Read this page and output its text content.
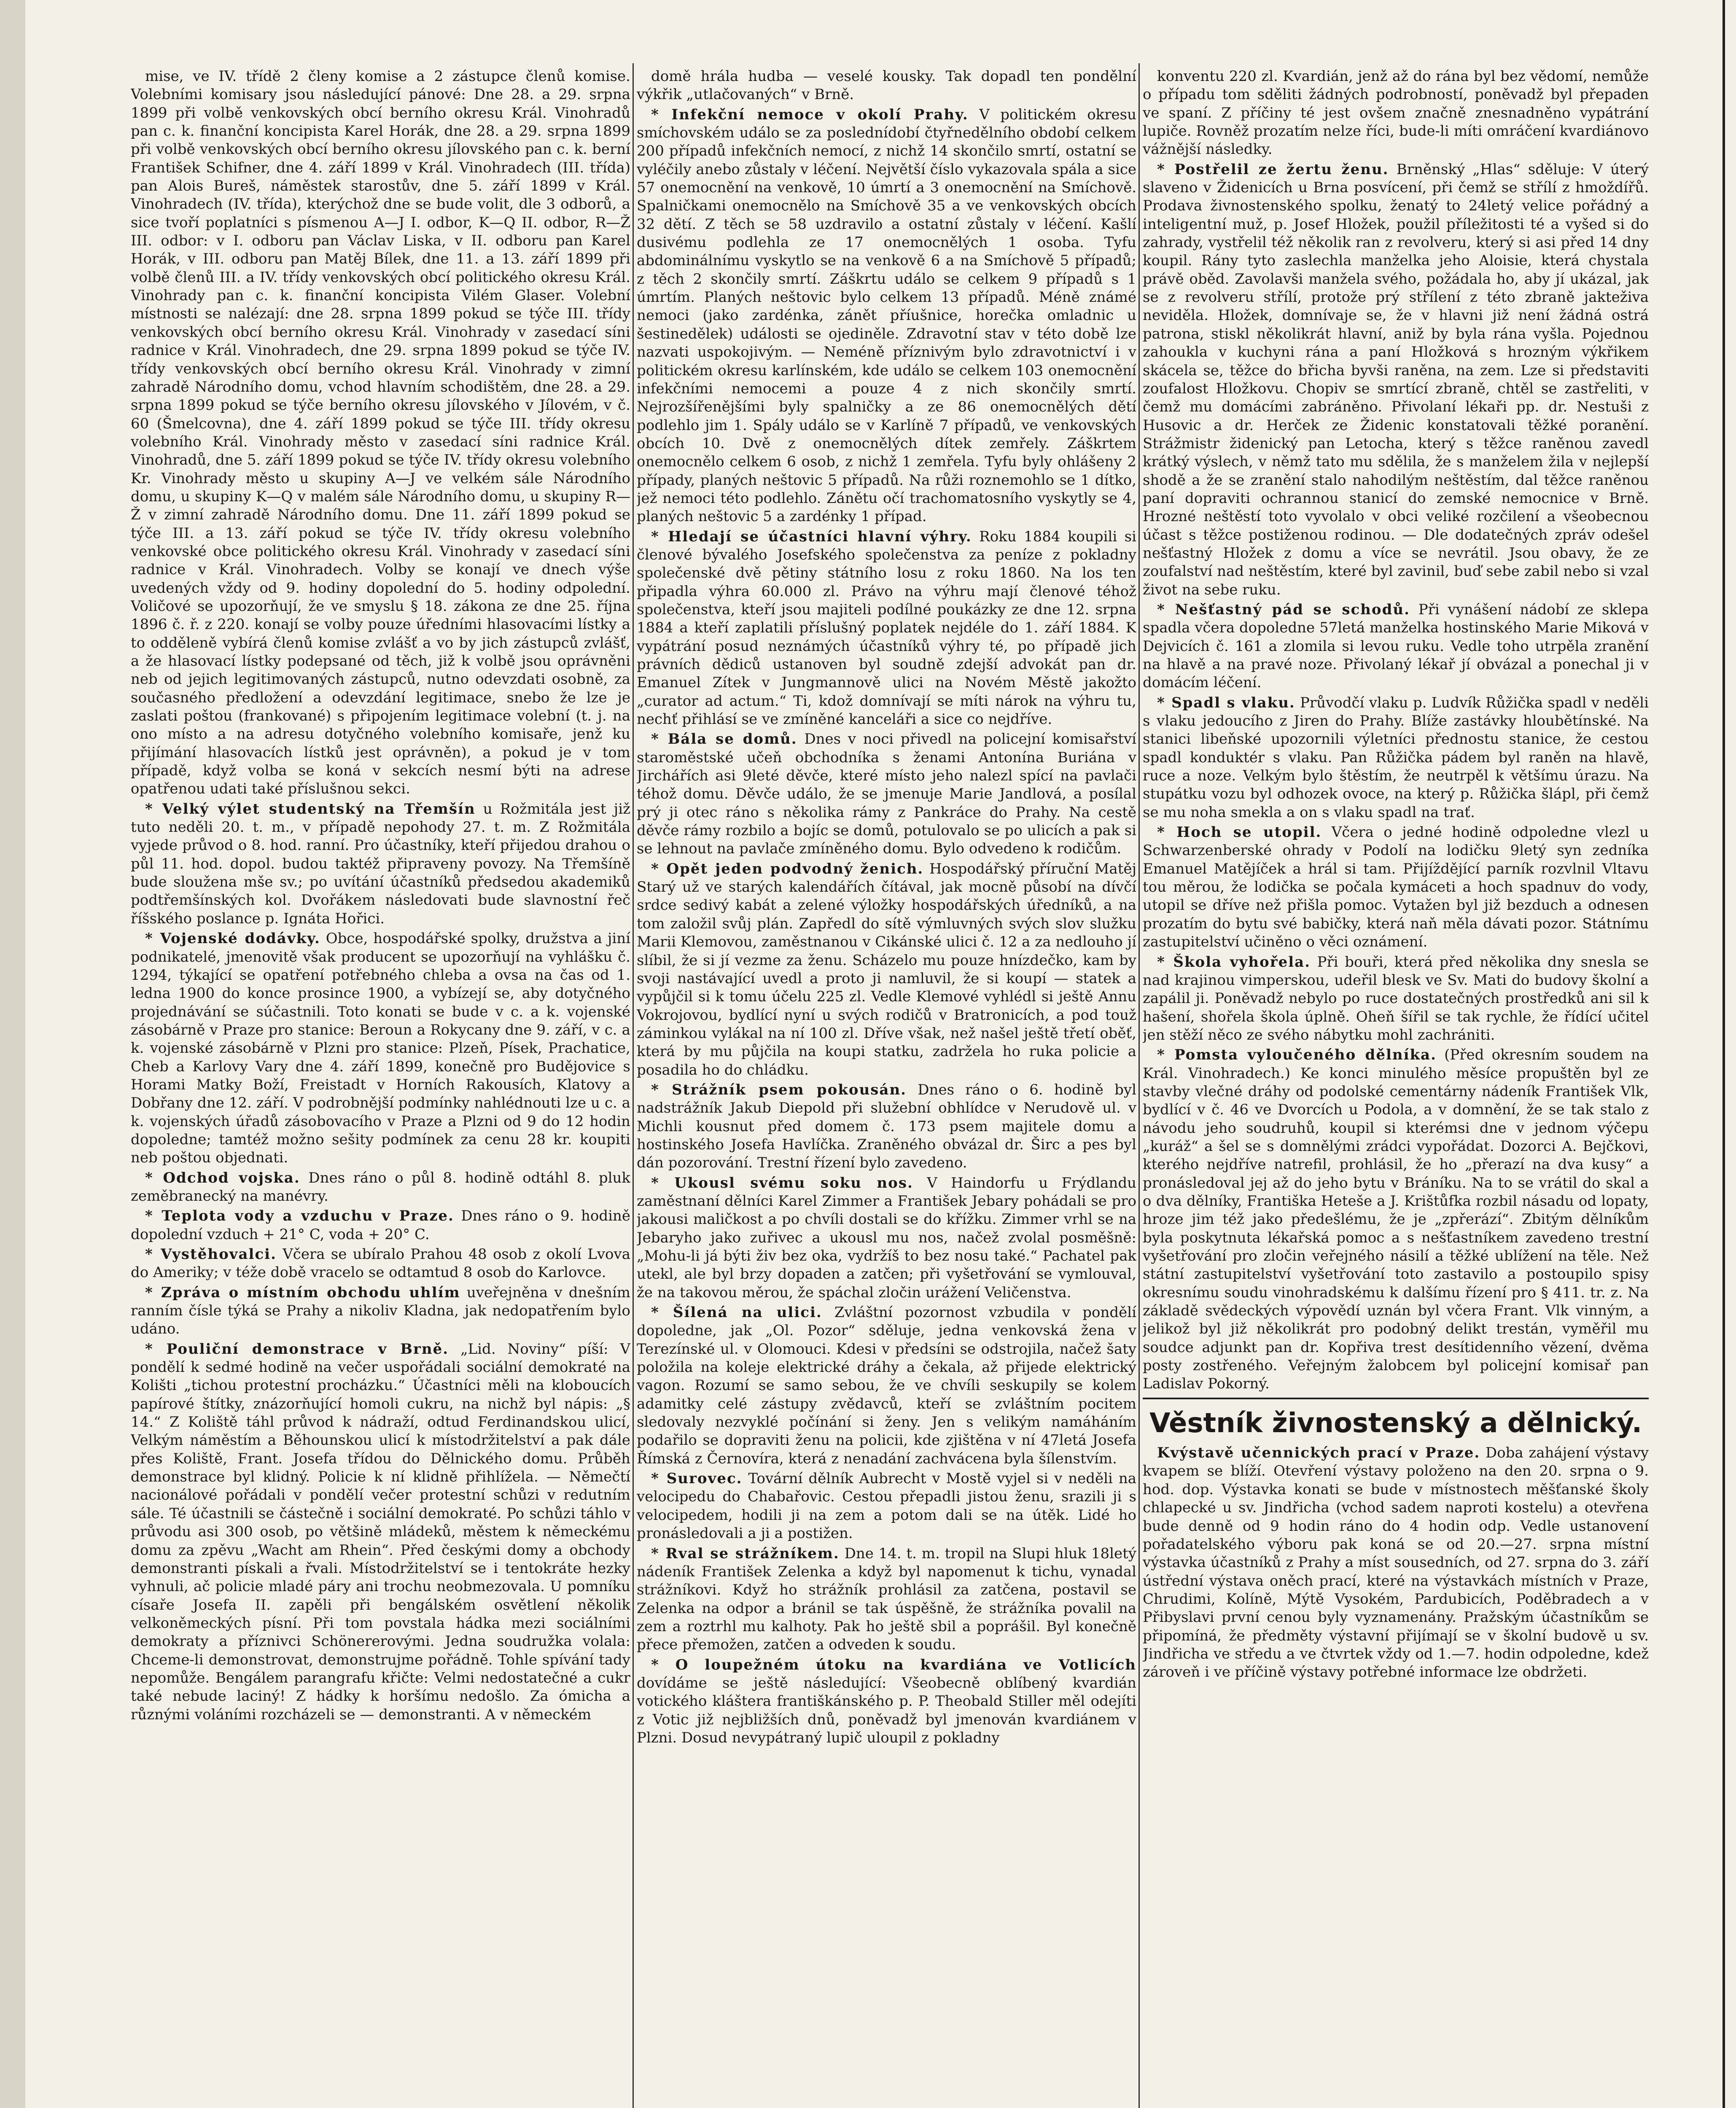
mise, ve IV. třídě 2 členy komise a 2 zástupce členů komise. Volebními komisary jsou následující pánové: Dne 28. a 29. srpna 1899 při volbě venkovských obcí berního okresu Král. Vinohradů pan c. k. finanční koncipista Karel Horák, dne 28. a 29. srpna 1899 při volbě venkovských obcí berního okresu jílovského pan c. k. berní František Schifner, dne 4. září 1899 v Král. Vinohradech (III. třída) pan Alois Bureš, náměstek starostův, dne 5. září 1899 v Král. Vinohradech (IV. třída), kterýchož dne se bude volit, dle 3 odborů, a sice tvoří poplatníci s písmenou A—J I. odbor, K—Q II. odbor, R—Ž III. odbor: v I. odboru pan Václav Liska, v II. odboru pan Karel Horák, v III. odboru pan Matěj Bílek, dne 11. a 13. září 1899 při volbě členů III. a IV. třídy venkovských obcí politického okresu Král. Vinohrady pan c. k. finanční koncipista Vilém Glaser. Volební místnosti se nalézají: dne 28. srpna 1899 pokud se týče III. třídy venkovských obcí berního okresu Král. Vinohrady v zasedací síni radnice v Král. Vinohradech, dne 29. srpna 1899 pokud se týče IV. třídy venkovských obcí berního okresu Král. Vinohrady v zimní zahradě Národního domu, vchod hlavním schodištěm, dne 28. a 29. srpna 1899 pokud se týče berního okresu jílovského v Jílovém, v č. 60 (Šmelcovna), dne 4. září 1899 pokud se týče III. třídy okresu volebního Král. Vinohrady město v zasedací síni radnice Král. Vinohradů, dne 5. září 1899 pokud se týče IV. třídy okresu volebního Kr. Vinohrady město u skupiny A—J ve velkém sále Národního domu, u skupiny K—Q v malém sále Národního domu, u skupiny R—Ž v zimní zahradě Národního domu. Dne 11. září 1899 pokud se týče III. a 13. září pokud se týče IV. třídy okresu volebního venkovské obce politického okresu Král. Vinohrady v zasedací síni radnice v Král. Vinohradech. Volby se konají ve dnech výše uvedených vždy od 9. hodiny dopolední do 5. hodiny odpolední. Voličové se upozorňují, že ve smyslu § 18. zákona ze dne 25. října 1896 č. ř. z 220. konají se volby pouze úředními hlasovacími lístky a to odděleně vybírá členů komise zvlášť a vo by jich zástupců zvlášť, a že hlasovací lístky podepsané od těch, již k volbě jsou oprávněni neb od jejich legitimovaných zástupců, nutno odevzdati osobně, za současného předložení a odevzdání legitimace, snebo že lze je zaslati poštou (frankované) s připojením legitimace volební (t. j. na ono místo a na adresu dotyčného volebního komisaře, jenž ku přijímání hlasovacích lístků jest oprávněn), a pokud je v tom případě, když volba se koná v sekcích nesmí býti na adrese opatřenou udati také příslušnou sekci.

* Velký výlet studentský na Třemšín u Rožmitála jest již tuto neděli 20. t. m., v případě nepohody 27. t. m. Z Rožmitála vyjede průvod o 8. hod. ranní. Pro účastníky, kteří přijedou drahou o půl 11. hod. dopol. budou taktéž připraveny povozy. Na Třemšíně bude sloužena mše sv.; po uvítání účastníků předsedou akademiků podtřemšínských kol. Dvořákem následovati bude slavnostní řeč říšského poslance p. Ignáta Hořici.

* Vojenské dodávky. Obce, hospodářské spolky, družstva a jiní podnikatelé, jmenovitě však producent se upozorňují na vyhlášku č. 1294, týkající se opatření potřebného chleba a ovsa na čas od 1. ledna 1900 do konce prosince 1900, a vybízejí se, aby dotyčného projednávání se súčastnili. Toto konati se bude v c. a k. vojenské zásobárně v Praze pro stanice: Beroun a Rokycany dne 9. září, v c. a k. vojenské zásobárně v Plzni pro stanice: Plzeň, Písek, Prachatice, Cheb a Karlovy Vary dne 4. září 1899, konečně pro Budějovice s Horami Matky Boží, Freistadt v Horních Rakousích, Klatovy a Dobřany dne 12. září. V podrobnější podmínky nahlédnouti lze u c. a k. vojenských úřadů zásobovacího v Praze a Plzni od 9 do 12 hodin dopoledne; tamtéž možno sešity podmínek za cenu 28 kr. koupiti neb poštou objednati.

* Odchod vojska. Dnes ráno o půl 8. hodině odtáhl 8. pluk zeměbranecký na manévry.

* Teplota vody a vzduchu v Praze. Dnes ráno o 9. hodině dopolední vzduch + 21° C, voda + 20° C.

* Vystěhovalci. Včera se ubíralo Prahou 48 osob z okolí Lvova do Ameriky; v téže době vracelo se odtamtud 8 osob do Karlovce.

* Zpráva o místním obchodu uhlím uveřejněna v dnešním ranním čísle týká se Prahy a nikoliv Kladna, jak nedopatřením bylo udáno.

* Pouliční demonstrace v Brně. „Lid. Noviny“ píší: V pondělí k sedmé hodině na večer uspořádali sociální demokraté na Kolišti „tichou protestní procházku.“ Účastníci měli na kloboucích papírové štítky, znázorňující homoli cukru, na nichž byl nápis: „§ 14.“ Z Koliště táhl průvod k nádraží, odtud Ferdinandskou ulicí, Velkým náměstím a Běhounskou ulicí k místodržitelství a pak dále přes Koliště, Frant. Josefa třídou do Dělnického domu. Průběh demonstrace byl klidný. Policie k ní klidně přihlížela. — Němečtí nacionálové pořádali v pondělí večer protestní schůzi v redutním sále. Té účastnili se částečně i sociální demokraté. Po schůzi táhlo v průvodu asi 300 osob, po většině mládeků, městem k německému domu za zpěvu „Wacht am Rhein“. Před českými domy a obchody demonstranti pískali a řvali. Místodržitelství se i tentokráte hezky vyhnuli, ač policie mladé páry ani trochu neobmezovala. U pomníku císaře Josefa II. zapěli při bengálském osvětlení několik velkoněmeckých písní. Při tom povstala hádka mezi sociálními demokraty a příznivci Schönererovými. Jedna soudružka volala: Chceme-li demonstrovat, demonstrujme pořádně. Tohle spívání tady nepomůže. Bengálem parangrafu křičte: Velmi nedostatečné a cukr také nebude laciný! Z hádky k horšímu nedošlo. Za ómicha a různými voláními rozcházeli se — demonstranti. A v německém

domě hrála hudba — veselé kousky. Tak dopadl ten pondělní výkřik „utlačovaných“ v Brně.

* Infekční nemoce v okolí Prahy. V politickém okresu smíchovském událo se za poslednídobí čtyřnedělního období celkem 200 případů infekčních nemocí, z nichž 14 skončilo smrtí, ostatní se vyléčily anebo zůstaly v léčení. Největší číslo vykazovala spála a sice 57 onemocnění na venkově, 10 úmrtí a 3 onemocnění na Smíchově. Spalničkami onemocnělo na Smíchově 35 a ve venkovských obcích 32 dětí. Z těch se 58 uzdravilo a ostatní zůstaly v léčení. Kašlí dusivému podlehla ze 17 onemocnělých 1 osoba. Tyfu abdominálnímu vyskytlo se na venkově 6 a na Smíchově 5 případů; z těch 2 skončily smrtí. Záškrtu událo se celkem 9 případů s 1 úmrtím. Planých neštovic bylo celkem 13 případů. Méně známé nemoci (jako zardénka, zánět příušnice, horečka omladnic u šestinedělek) události se ojediněle. Zdravotní stav v této době lze nazvati uspokojivým. — Neméně příznivým bylo zdravotnictví i v politickém okresu karlínském, kde událo se celkem 103 onemocnění infekčními nemocemi a pouze 4 z nich skončily smrtí. Nejrozšířenějšími byly spalničky a ze 86 onemocnělých dětí podlehlo jim 1. Spály událo se v Karlíně 7 případů, ve venkovských obcích 10. Dvě z onemocnělých dítek zemřely. Záškrtem onemocnělo celkem 6 osob, z nichž 1 zemřela. Tyfu byly ohlášeny 2 případy, planých neštovic 5 případů. Na růži roznemohlo se 1 dítko, jež nemoci této podlehlo. Zánětu očí trachomatosního vyskytly se 4, planých neštovic 5 a zardénky 1 případ.

* Hledají se účastníci hlavní výhry. Roku 1884 koupili si členové bývalého Josefského společenstva za peníze z pokladny společenské dvě pětiny státního losu z roku 1860. Na los ten připadla výhra 60.000 zl. Právo na výhru mají členové téhož společenstva, kteří jsou majiteli podílné poukázky ze dne 12. srpna 1884 a kteří zaplatili příslušný poplatek nejdéle do 1. září 1884. K vypátrání posud neznámých účastníků výhry té, po případě jich právních dědiců ustanoven byl soudně zdejší advokát pan dr. Emanuel Zítek v Jungmannově ulici na Novém Městě jakožto „curator ad actum.“ Ti, kdož domnívají se míti nárok na výhru tu, nechť přihlásí se ve zmíněné kanceláři a sice co nejdříve.

* Bála se domů. Dnes v noci přivedl na policejní komisařství staroměstské učeň obchodníka s ženami Antonína Buriána v Jirchářích asi 9leté děvče, které místo jeho nalezl spící na pavlači téhož domu. Děvče událo, že se jmenuje Marie Jandlová, a posílal prý ji otec ráno s několika rámy z Pankráce do Prahy. Na cestě děvče rámy rozbilo a bojíc se domů, potulovalo se po ulicích a pak si se lehnout na pavlače zmíněného domu. Bylo odvedeno k rodičům.

* Opět jeden podvodný ženich. Hospodářský příruční Matěj Starý už ve starých kalendářích čítával, jak mocně působí na dívčí srdce sedivý kabát a zelené výložky hospodářských úředníků, a na tom založil svůj plán. Zapředl do sítě výmluvných svých slov služku Marii Klemovou, zaměstnanou v Cikánské ulici č. 12 a za nedlouho jí slíbil, že si jí vezme za ženu. Scházelo mu pouze hnízdečko, kam by svoji nastávající uvedl a proto ji namluvil, že si koupí — statek a vypůjčil si k tomu účelu 225 zl. Vedle Klemové vyhlédl si ještě Annu Vokrojovou, bydlící nyní u svých rodičů v Bratronicích, a pod touž záminkou vylákal na ní 100 zl. Dříve však, než našel ještě třetí oběť, která by mu půjčila na koupi statku, zadržela ho ruka policie a posadila ho do chládku.

* Strážník psem pokousán. Dnes ráno o 6. hodině byl nadstrážník Jakub Diepold při služební obhlídce v Nerudově ul. v Michli kousnut před domem č. 173 psem majitele domu a hostinského Josefa Havlíčka. Zraněného obvázal dr. Širc a pes byl dán pozorování. Trestní řízení bylo zavedeno.

* Ukousl svému soku nos. V Haindorfu u Frýdlandu zaměstnaní dělníci Karel Zimmer a František Jebary pohádali se pro jakousi maličkost a po chvíli dostali se do křížku. Zimmer vrhl se na Jebaryho jako zuřivec a ukousl mu nos, načež zvolal posměšně: „Mohu-li já býti živ bez oka, vydržíš to bez nosu také.“ Pachatel pak utekl, ale byl brzy dopaden a zatčen; při vyšetřování se vymlouval, že na takovou měrou, že spáchal zločin urážení Veličenstva.

* Šílená na ulici. Zvláštní pozornost vzbudila v pondělí dopoledne, jak „Ol. Pozor“ sděluje, jedna venkovská žena v Terezínské ul. v Olomouci. Kdesi v předsíni se odstrojila, načež šaty položila na koleje elektrické dráhy a čekala, až přijede elektrický vagon. Rozumí se samo sebou, že ve chvíli seskupily se kolem adamitky celé zástupy zvědavců, kteří se zvláštním pocitem sledovaly nezvyklé počínání si ženy. Jen s velikým namáháním podařilo se dopraviti ženu na policii, kde zjištěna v ní 47letá Josefa Římská z Černovíra, která z nenadání zachvácena byla šílenstvím.

* Surovec. Tovární dělník Aubrecht v Mostě vyjel si v neděli na velocipedu do Chabařovic. Cestou přepadli jistou ženu, srazili ji s velocipedem, hodili ji na zem a potom dali se na útěk. Lidé ho pronásledovali a ji a postižen.

* Rval se strážníkem. Dne 14. t. m. tropil na Slupi hluk 18letý nádeník František Zelenka a když byl napomenut k tichu, vynadal strážníkovi. Když ho strážník prohlásil za zatčena, postavil se Zelenka na odpor a bránil se tak úspěšně, že strážníka povalil na zem a roztrhl mu kalhoty. Pak ho ještě sbil a poprášil. Byl konečně přece přemožen, zatčen a odveden k soudu.

* O loupežném útoku na kvardiána ve Votlicích dovídáme se ještě následující: Všeobecně oblíbený kvardián votického kláštera františkánského p. P. Theobald Stiller měl odejíti z Votic již nejbližších dnů, poněvadž byl jmenován kvardiánem v Plzni. Dosud nevypátraný lupič uloupil z pokladny

konventu 220 zl. Kvardián, jenž až do rána byl bez vědomí, nemůže o případu tom sděliti žádných podrobností, poněvadž byl přepaden ve spaní. Z příčiny té jest ovšem značně znesnadněno vypátrání lupiče. Rovněž prozatím nelze říci, bude-li míti omráčení kvardiánovo vážnější následky.

* Postřelil ze žertu ženu. Brněnský „Hlas“ sděluje: V úterý slaveno v Židenicích u Brna posvícení, při čemž se střílí z hmoždířů. Prodava živnostenského spolku, ženatý to 24letý velice pořádný a inteligentní muž, p. Josef Hložek, použil příležitosti té a vyšed si do zahrady, vystřelil též několik ran z revolveru, který si asi před 14 dny koupil. Rány tyto zaslechla manželka jeho Aloisie, která chystala právě oběd. Zavolavši manžela svého, požádala ho, aby jí ukázal, jak se z revolveru střílí, protože prý střílení z této zbraně jakteživa neviděla. Hložek, domnívaje se, že v hlavni již není žádná ostrá patrona, stiskl několikrát hlavní, aniž by byla rána vyšla. Pojednou zahoukla v kuchyni rána a paní Hložková s hrozným výkřikem skácela se, těžce do břicha byvši raněna, na zem. Lze si představiti zoufalost Hložkovu. Chopiv se smrtící zbraně, chtěl se zastřeliti, v čemž mu domácími zabráněno. Přivolaní lékaři pp. dr. Nestuši z Husovic a dr. Herček ze Židenic konstatovali těžké poranění. Strážmistr židenický pan Letocha, který s těžce raněnou zavedl krátký výslech, v němž tato mu sdělila, že s manželem žila v nejlepší shodě a že se zranění stalo nahodilým neštěstím, dal těžce raněnou paní dopraviti ochrannou stanicí do zemské nemocnice v Brně. Hrozné neštěstí toto vyvolalo v obci veliké rozčilení a všeobecnou účast s těžce postiženou rodinou. — Dle dodatečných zpráv odešel nešťastný Hložek z domu a více se nevrátil. Jsou obavy, že ze zoufalství nad neštěstím, které byl zavinil, buď sebe zabil nebo si vzal život na sebe ruku.

* Nešťastný pád se schodů. Při vynášení nádobí ze sklepa spadla včera dopoledne 57letá manželka hostinského Marie Miková v Dejvicích č. 161 a zlomila si levou ruku. Vedle toho utrpěla zranění na hlavě a na pravé noze. Přivolaný lékař jí obvázal a ponechal ji v domácím léčení.

* Spadl s vlaku. Průvodčí vlaku p. Ludvík Růžička spadl v neděli s vlaku jedoucího z Jiren do Prahy. Blíže zastávky hloubětínské. Na stanici libeňské upozornili výletníci přednostu stanice, že cestou spadl konduktér s vlaku. Pan Růžička pádem byl raněn na hlavě, ruce a noze. Velkým bylo štěstím, že neutrpěl k většímu úrazu. Na stupátku vozu byl odhozek ovoce, na který p. Růžička šlápl, při čemž se mu noha smekla a on s vlaku spadl na trať.

* Hoch se utopil. Včera o jedné hodině odpoledne vlezl u Schwarzenberské ohrady v Podolí na lodičku 9letý syn zedníka Emanuel Matějíček a hrál si tam. Přijíždějící parník rozvlnil Vltavu tou měrou, že lodička se počala kymáceti a hoch spadnuv do vody, utopil se dříve než přišla pomoc. Vytažen byl již bezduch a odnesen prozatím do bytu své babičky, která naň měla dávati pozor. Státnímu zastupitelství učiněno o věci oznámení.

* Škola vyhořela. Při bouři, která před několika dny snesla se nad krajinou vimperskou, udeřil blesk ve Sv. Mati do budovy školní a zapálil ji. Poněvadž nebylo po ruce dostatečných prostředků ani sil k hašení, shořela škola úplně. Oheň šířil se tak rychle, že řídící učitel jen stěží něco ze svého nábytku mohl zachrániti.

* Pomsta vyloučeného dělníka. (Před okresním soudem na Král. Vinohradech.) Ke konci minulého měsíce propuštěn byl ze stavby vlečné dráhy od podolské cementárny nádeník František Vlk, bydlící v č. 46 ve Dvorcích u Podola, a v domnění, že se tak stalo z návodu jeho soudruhů, koupil si kterémsi dne v jednom výčepu „kuráž“ a šel se s domnělými zrádci vypořádat. Dozorci A. Bejčkovi, kterého nejdříve natrefil, prohlásil, že ho „přerazí na dva kusy“ a pronásledoval jej až do jeho bytu v Bráníku. Na to se vrátil do skal a o dva dělníky, Františka Heteše a J. Krištůfka rozbil násadu od lopaty, hroze jim též jako předešlému, že je „zpřerází“. Zbitým dělníkům byla poskytnuta lékařská pomoc a s nešťastníkem zavedeno trestní vyšetřování pro zločin veřejného násilí a těžké ublížení na těle. Než státní zastupitelství vyšetřování toto zastavilo a postoupilo spisy okresnímu soudu vinohradskému k dalšímu řízení pro § 411. tr. z. Na základě svědeckých výpovědí uznán byl včera Frant. Vlk vinným, a jelikož byl již několikrát pro podobný delikt trestán, vyměřil mu soudce adjunkt pan dr. Kopřiva trest desítidenního vězení, dvěma posty zostřeného. Veřejným žalobcem byl policejní komisař pan Ladislav Pokorný.

Věstník živnostenský a dělnický.

Kvýstavě učennických prací v Praze. Doba zahájení výstavy kvapem se blíží. Otevření výstavy položeno na den 20. srpna o 9. hod. dop. Výstavka konati se bude v místnostech měšťanské školy chlapecké u sv. Jindřicha (vchod sadem naproti kostelu) a otevřena bude denně od 9 hodin ráno do 4 hodin odp. Vedle ustanovení pořadatelského výboru pak koná se od 20.—27. srpna místní výstavka účastníků z Prahy a míst sousedních, od 27. srpna do 3. září ústřední výstava oněch prací, které na výstavkách místních v Praze, Chrudimi, Kolíně, Mýtě Vysokém, Pardubicích, Poděbradech a v Přibyslavi první cenou byly vyznamenány. Pražským účastníkům se připomíná, že předměty výstavní přijímají se v školní budově u sv. Jindřicha ve středu a ve čtvrtek vždy od 1.—7. hodin odpoledne, kdež zároveň i ve příčině výstavy potřebné informace lze obdržeti.
